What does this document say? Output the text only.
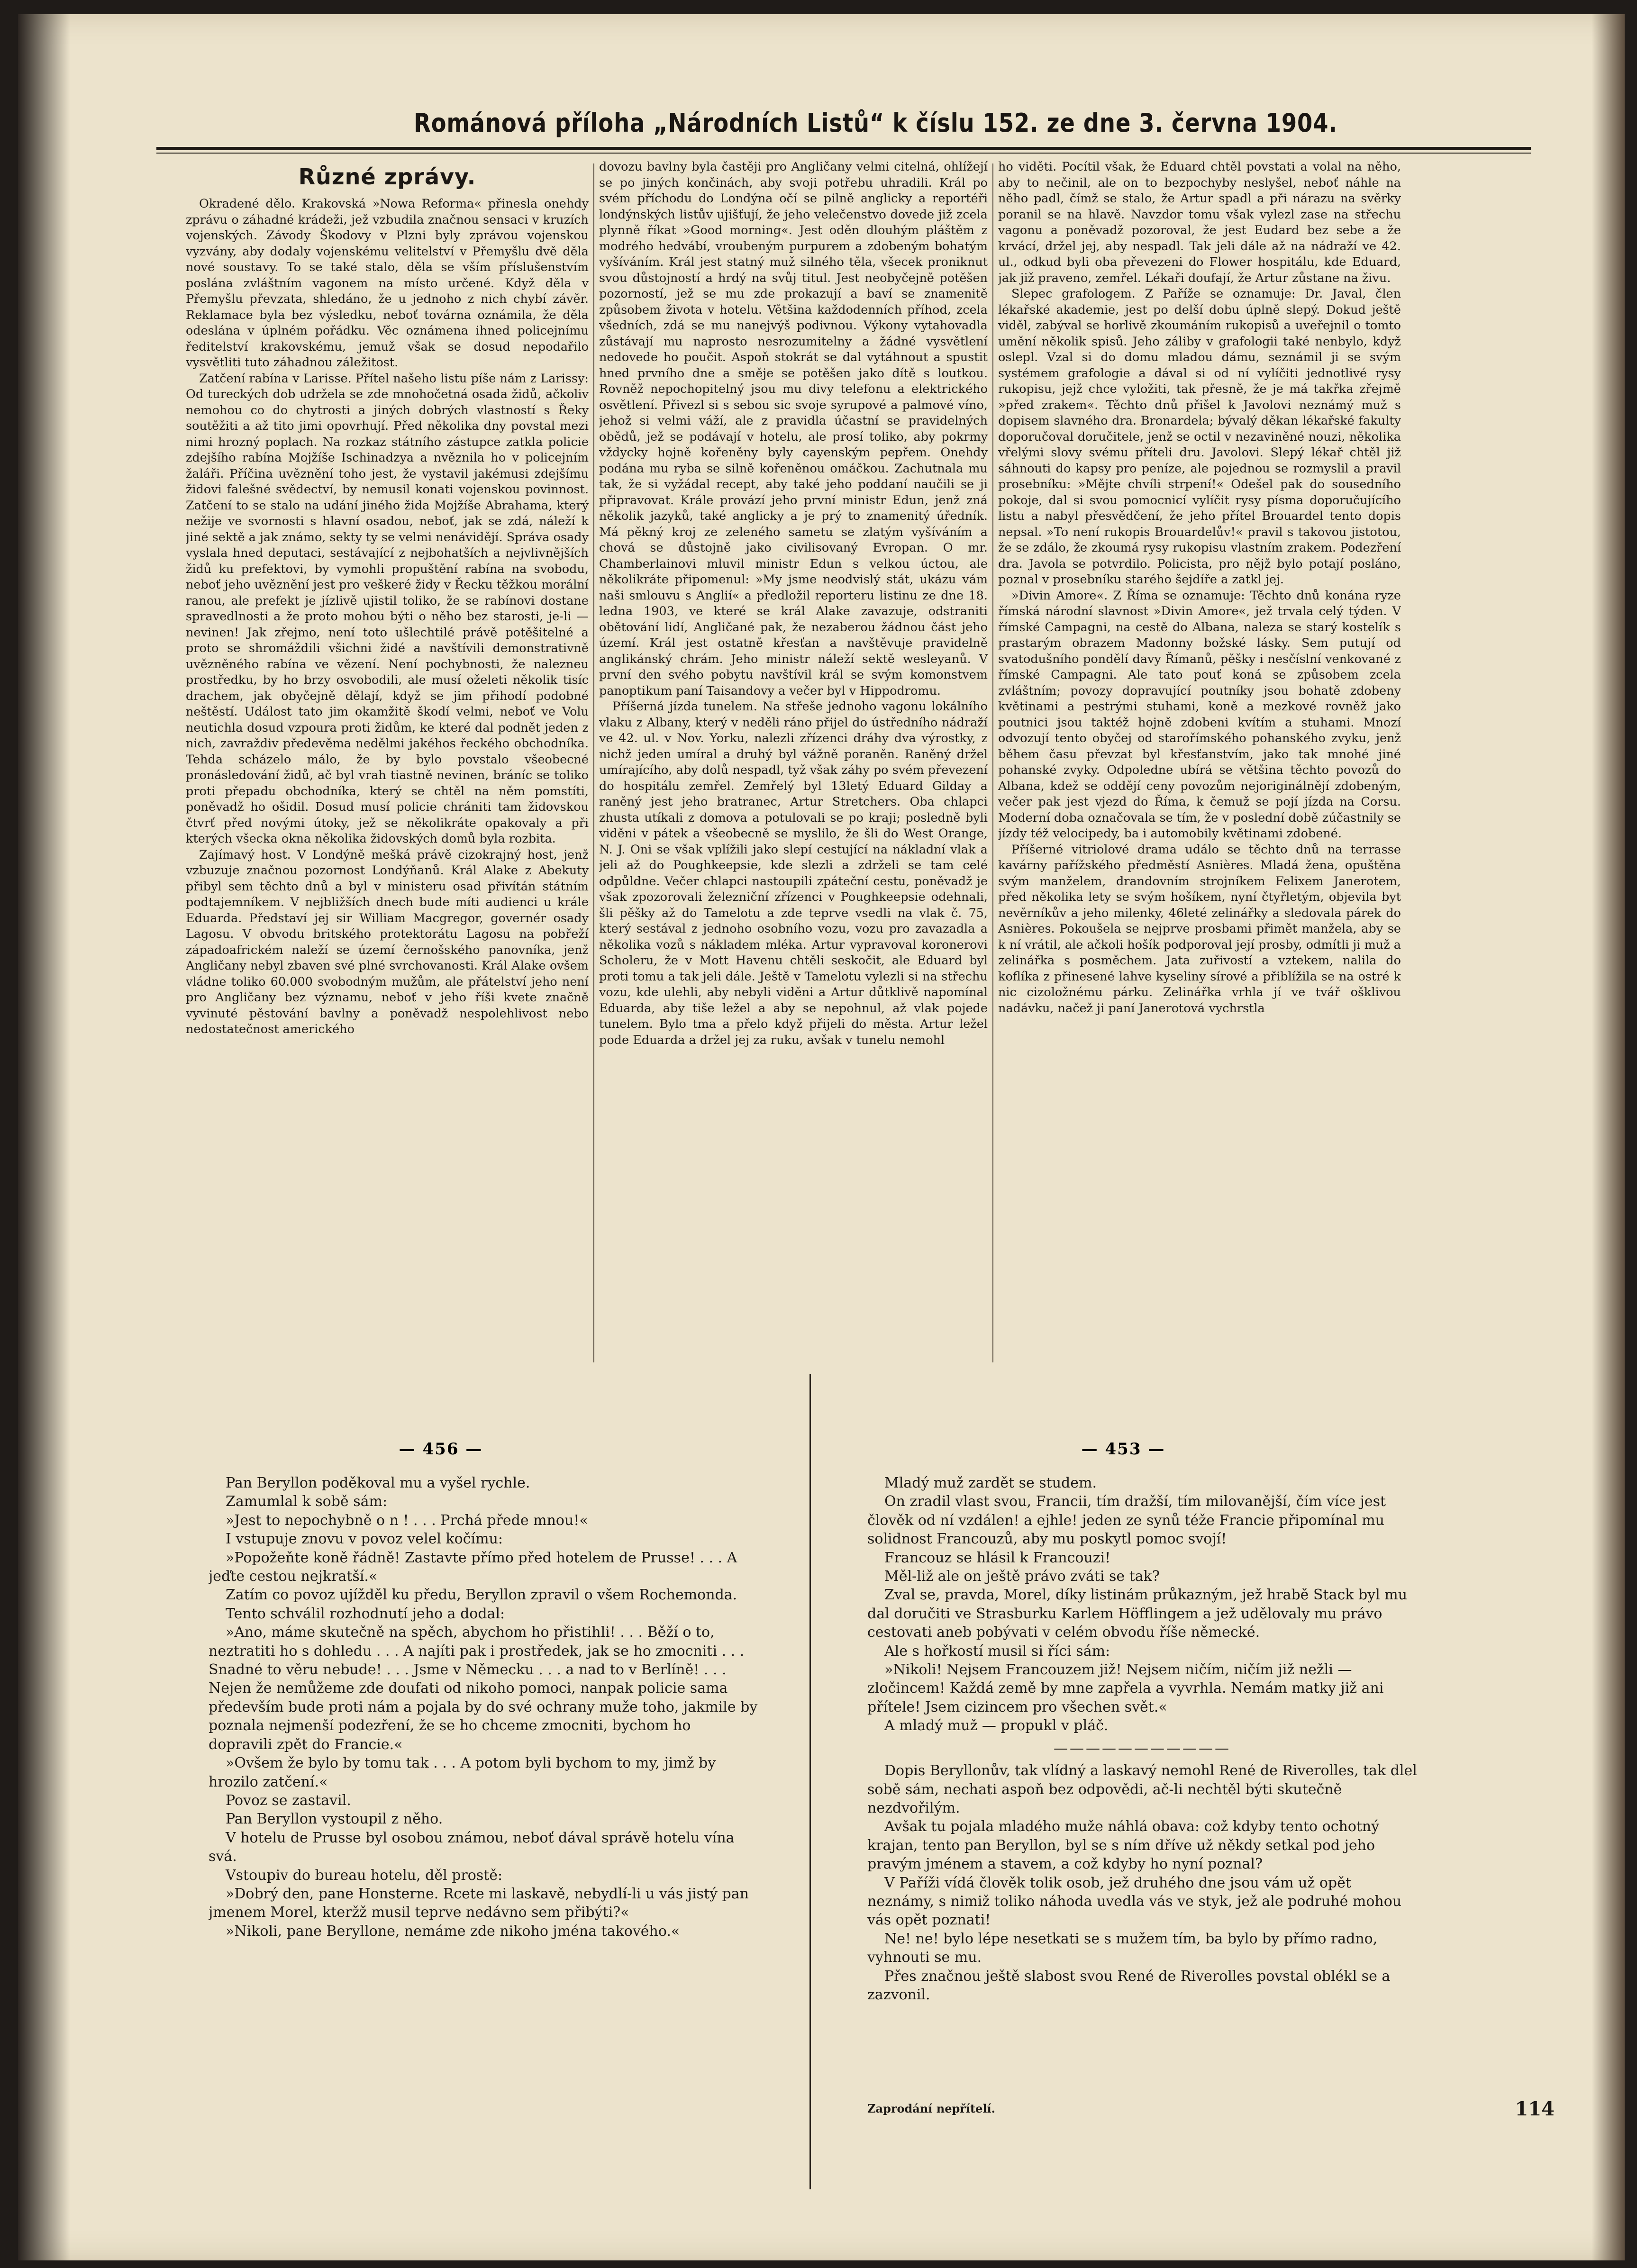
Románová příloha „Národních Listů“ k číslu 152. ze dne 3. června 1904.
Různé zprávy.

Okradené dělo. Krakovská »Nowa Reforma« přinesla onehdy zprávu o záhadné krádeži, jež vzbudila značnou sensaci v kruzích vojenských. Závody Škodovy v Plzni byly zprávou vojenskou vyzvány, aby dodaly vojenskému velitelství v Přemyšlu dvě děla nové soustavy. To se také stalo, děla se vším příslušenstvím poslána zvláštním vagonem na místo určené. Když děla v Přemyšlu převzata, shledáno, že u jednoho z nich chybí závěr. Reklamace byla bez výsledku, neboť továrna oznámila, že děla odeslána v úplném pořádku. Věc oznámena ihned policejnímu ředitelství krakovskému, jemuž však se dosud nepodařilo vysvětliti tuto záhadnou záležitost.

Zatčení rabína v Larisse. Přítel našeho listu píše nám z Larissy: Od tureckých dob udržela se zde mnohočetná osada židů, ačkoliv nemohou co do chytrosti a jiných dobrých vlastností s Řeky soutěžiti a až tito jimi opovrhují. Před několika dny povstal mezi nimi hrozný poplach. Na rozkaz státního zástupce zatkla policie zdejšího rabína Mojžíše Ischinadzya a nvěznila ho v policejním žaláři. Příčina uvěznění toho jest, že vystavil jakémusi zdejšímu židovi falešné svědectví, by nemusil konati vojenskou povinnost. Zatčení to se stalo na udání jiného žida Mojžíše Abrahama, který nežije ve svornosti s hlavní osadou, neboť, jak se zdá, náleží k jiné sektě a jak známo, sekty ty se velmi nenávidějí. Správa osady vyslala hned deputaci, sestávající z nejbohatších a nejvlivnějších židů ku prefektovi, by vymohli propuštění rabína na svobodu, neboť jeho uvěznění jest pro veškeré židy v Řecku těžkou morální ranou, ale prefekt je jízlivě ujistil toliko, že se rabínovi dostane spravedlnosti a že proto mohou býti o něho bez starosti, je-li — nevinen! Jak zřejmo, není toto ušlechtilé právě potěšitelné a proto se shromáždili všichni židé a navštívili demonstrativně uvězněného rabína ve vězení. Není pochybnosti, že nalezneu prostředku, by ho brzy osvobodili, ale musí oželeti několik tisíc drachem, jak obyčejně dělají, když se jim přihodí podobné neštěstí. Událost tato jim okamžitě škodí velmi, neboť ve Volu neutichla dosud vzpoura proti židům, ke které dal podnět jeden z nich, zavraždiv předevěma nedělmi jakéhos řeckého obchodníka. Tehda scházelo málo, že by bylo povstalo všeobecné pronásledování židů, ač byl vrah tiastně nevinen, bráníc se toliko proti přepadu obchodníka, který se chtěl na něm pomstíti, poněvadž ho ošidil. Dosud musí policie chrániti tam židovskou čtvrť před novými útoky, jež se několikráte opakovaly a při kterých všecka okna několika židovských domů byla rozbita.

Zajímavý host. V Londýně mešká právě cizokrajný host, jenž vzbuzuje značnou pozornost Londýňanů. Král Alake z Abekuty přibyl sem těchto dnů a byl v ministeru osad přivítán státním podtajemníkem. V nejbližších dnech bude míti audienci u krále Eduarda. Představí jej sir William Macgregor, governér osady Lagosu. V obvodu britského protektorátu Lagosu na pobřeží západoafrickém naleží se území černošského panovníka, jenž Angličany nebyl zbaven své plné svrchovanosti. Král Alake ovšem vládne toliko 60.000 svobodným mužům, ale přátelství jeho není pro Angličany bez významu, neboť v jeho říši kvete značně vyvinuté pěstování bavlny a poněvadž nespolehlivost nebo nedostatečnost amerického

dovozu bavlny byla častěji pro Angličany velmi citelná, ohlížejí se po jiných končinách, aby svoji potřebu uhradili. Král po svém příchodu do Londýna očí se pilně anglicky a reportéři londýnských listův ujišťují, že jeho velečenstvo dovede již zcela plynně říkat »Good morning«. Jest oděn dlouhým pláštěm z modrého hedvábí, vroubeným purpurem a zdobeným bohatým vyšíváním. Král jest statný muž silného těla, všecek proniknut svou důstojností a hrdý na svůj titul. Jest neobyčejně potěšen pozorností, jež se mu zde prokazují a baví se znamenitě způsobem života v hotelu. Většina každodenních příhod, zcela všedních, zdá se mu nanejvýš podivnou. Výkony vytahovadla zůstávají mu naprosto nesrozumitelny a žádné vysvětlení nedovede ho poučit. Aspoň stokrát se dal vytáhnout a spustit hned prvního dne a směje se potěšen jako dítě s loutkou. Rovněž nepochopitelný jsou mu divy telefonu a elektrického osvětlení. Přivezl si s sebou sic svoje syrupové a palmové víno, jehož si velmi váží, ale z pravidla účastní se pravidelných obědů, jež se podávají v hotelu, ale prosí toliko, aby pokrmy vždycky hojně kořeněny byly cayenským pepřem. Onehdy podána mu ryba se silně kořeněnou omáčkou. Zachutnala mu tak, že si vyžádal recept, aby také jeho poddaní naučili se ji připravovat. Krále provází jeho první ministr Edun, jenž zná několik jazyků, také anglicky a je prý to znamenitý úředník. Má pěkný kroj ze zeleného sametu se zlatým vyšíváním a chová se důstojně jako civilisovaný Evropan. O mr. Chamberlainovi mluvil ministr Edun s velkou úctou, ale několikráte připomenul: »My jsme neodvislý stát, ukázu vám naši smlouvu s Anglií« a předložil reporteru listinu ze dne 18. ledna 1903, ve které se král Alake zavazuje, odstraniti obětování lidí, Angličané pak, že nezaberou žádnou část jeho území. Král jest ostatně křesťan a navštěvuje pravidelně anglikánský chrám. Jeho ministr náleží sektě wesleyanů. V první den svého pobytu navštívil král se svým komonstvem panoptikum paní Taisandovy a večer byl v Hippodromu.

Příšerná jízda tunelem. Na střeše jednoho vagonu lokálního vlaku z Albany, který v neděli ráno přijel do ústředního nádraží ve 42. ul. v Nov. Yorku, nalezli zřízenci dráhy dva výrostky, z nichž jeden umíral a druhý byl vážně poraněn. Raněný držel umírajícího, aby dolů nespadl, tyž však záhy po svém převezení do hospitálu zemřel. Zemřelý byl 13letý Eduard Gilday a raněný jest jeho bratranec, Artur Stretchers. Oba chlapci zhusta utíkali z domova a potulovali se po kraji; posledně byli viděni v pátek a všeobecně se myslilo, že šli do West Orange, N. J. Oni se však vplížili jako slepí cestující na nákladní vlak a jeli až do Poughkeepsie, kde slezli a zdrželi se tam celé odpůldne. Večer chlapci nastoupili zpáteční cestu, poněvadž je však zpozorovali železniční zřízenci v Poughkeepsie odehnali, šli pěšky až do Tamelotu a zde teprve vsedli na vlak č. 75, který sestával z jednoho osobního vozu, vozu pro zavazadla a několika vozů s nákladem mléka. Artur vypravoval koronerovi Scholeru, že v Mott Havenu chtěli seskočit, ale Eduard byl proti tomu a tak jeli dále. Ještě v Tamelotu vylezli si na střechu vozu, kde ulehli, aby nebyli viděni a Artur důtklivě napomínal Eduarda, aby tiše ležel a aby se nepohnul, až vlak pojede tunelem. Bylo tma a přelo když přijeli do města. Artur ležel pode Eduarda a držel jej za ruku, avšak v tunelu nemohl

ho viděti. Pocítil však, že Eduard chtěl povstati a volal na něho, aby to nečinil, ale on to bezpochyby neslyšel, neboť náhle na něho padl, čímž se stalo, že Artur spadl a při nárazu na svěrky poranil se na hlavě. Navzdor tomu však vylezl zase na střechu vagonu a poněvadž pozoroval, že jest Eudard bez sebe a že krvácí, držel jej, aby nespadl. Tak jeli dále až na nádraží ve 42. ul., odkud byli oba převezeni do Flower hospitálu, kde Eduard, jak již praveno, zemřel. Lékaři doufají, že Artur zůstane na živu.

Slepec grafologem. Z Paříže se oznamuje: Dr. Javal, člen lékařské akademie, jest po delší dobu úplně slepý. Dokud ještě viděl, zabýval se horlivě zkoumáním rukopisů a uveřejnil o tomto umění několik spisů. Jeho záliby v grafologii také nenbylo, když oslepl. Vzal si do domu mladou dámu, seznámil ji se svým systémem grafologie a dával si od ní vylíčiti jednotlivé rysy rukopisu, jejž chce vyložiti, tak přesně, že je má takřka zřejmě »před zrakem«. Těchto dnů přišel k Javolovi neznámý muž s dopisem slavného dra. Bronardela; bývalý děkan lékařské fakulty doporučoval doručitele, jenž se octil v nezaviněné nouzi, několika vřelými slovy svému příteli dru. Javolovi. Slepý lékař chtěl již sáhnouti do kapsy pro peníze, ale pojednou se rozmyslil a pravil prosebníku: »Mějte chvíli strpení!« Odešel pak do sousedního pokoje, dal si svou pomocnicí vylíčit rysy písma doporučujícího listu a nabyl přesvědčení, že jeho přítel Brouardel tento dopis nepsal. »To není rukopis Brouardelův!« pravil s takovou jistotou, že se zdálo, že zkoumá rysy rukopisu vlastním zrakem. Podezření dra. Javola se potvrdilo. Policista, pro nějž bylo potají posláno, poznal v prosebníku starého šejdíře a zatkl jej.

»Divin Amore«. Z Říma se oznamuje: Těchto dnů konána ryze římská národní slavnost »Divin Amore«, jež trvala celý týden. V římské Campagni, na cestě do Albana, naleza se starý kostelík s prastarým obrazem Madonny božské lásky. Sem putují od svatodušního pondělí davy Římanů, pěšky i nesčíslní venkované z římské Campagni. Ale tato pouť koná se způsobem zcela zvláštním; povozy dopravující poutníky jsou bohatě zdobeny květinami a pestrými stuhami, koně a mezkové rovněž jako poutnici jsou taktéž hojně zdobeni kvítím a stuhami. Mnozí odvozují tento obyčej od starořímského pohanského zvyku, jenž během času převzat byl křesťanstvím, jako tak mnohé jiné pohanské zvyky. Odpoledne ubírá se většina těchto povozů do Albana, kdež se oddějí ceny povozům nejoriginálnějí zdobeným, večer pak jest vjezd do Říma, k čemuž se pojí jízda na Corsu. Moderní doba označovala se tím, že v poslední době zúčastnily se jízdy též velocipedy, ba i automobily květinami zdobené.

Příšerné vitriolové drama událo se těchto dnů na terrasse kavárny pařížského předměstí Asnières. Mladá žena, opuštěna svým manželem, drandovním strojníkem Felixem Janerotem, před několika lety se svým hošíkem, nyní čtyřletým, objevila byt nevěrníkův a jeho milenky, 46leté zelinářky a sledovala párek do Asnières. Pokoušela se nejprve prosbami přimět manžela, aby se k ní vrátil, ale ačkoli hošík podporoval její prosby, odmítli ji muž a zelinářka s posměchem. Jata zuřivostí a vztekem, nalila do koflíka z přinesené lahve kyseliny sírové a přiblížila se na ostré k nic cizoložnému párku. Zelinářka vrhla jí ve tvář ošklivou nadávku, načež ji paní Janerotová vychrstla

— 456 —	— 453 —

Pan Beryllon poděkoval mu a vyšel rychle.

Zamumlal k sobě sám:

»Jest to nepochybně o n ! . . . Prchá předе mnou!«

I vstupuje znovu v povoz velel kočímu:

»Popožeňte koně řádně! Zastavte přímo před hotelem de Prusse! . . . A jeďte cestou nejkratší.«

Zatím co povoz ujížděl ku předu, Beryllon zpravil o všem Rochemonda.

Tento schválil rozhodnutí jeho a dodal:

»Ano, máme skutečně na spěch, abychom ho přistihli! . . . Běží o to, neztratiti ho s dohledu . . . A najíti pak i prostředek, jak se ho zmocniti . . . Snadné to věru nebude! . . . Jsme v Německu . . . a nad to v Berlíně! . . . Nejen že nemůžeme zde doufati od nikoho pomoci, nanpak policie sama především bude proti nám a pojala by do své ochrany muže toho, jakmile by poznala nejmenší podezření, že se ho chceme zmocniti, bychom ho dopravili zpět do Francie.«

»Ovšem že bylo by tomu tak . . . A potom byli bychom to my, jimž by hrozilo zatčení.«

Povoz se zastavil.

Pan Beryllon vystoupil z něho.

V hotelu de Prusse byl osobou známou, neboť dával správě hotelu vína svá.

Vstoupiv do bureau hotelu, děl prostě:

»Dobrý den, pane Honsterne. Rcete mi laskavě, nebydlí-li u vás jistý pan jmenem Morel, kteržž musil teprve nedávno sem přibýti?«

»Nikoli, pane Beryllone, nemáme zde nikoho jména takového.«

Mladý muž zardět se studem.

On zradil vlast svou, Francii, tím dražší, tím milovanější, čím více jest člověk od ní vzdálen! a ejhle! jeden ze synů téže Francie připomínal mu solidnost Francouzů, aby mu poskytl pomoc svojí!

Francouz se hlásil k Francouzi!

Měl-liž ale on ještě právo zváti se tak?

Zval se, pravda, Morel, díky listinám průkazným, jež hrabě Stack byl mu dal doručiti ve Strasburku Karlem Höfflingem a jež udělovaly mu právo cestovati aneb pobývati v celém obvodu říše německé.

Ale s hořkostí musil si říci sám:

»Nikoli! Nejsem Francouzem již! Nejsem ničím, ničím již nežli — zločincem! Každá země by mne zapřela a vyvrhla. Nemám matky již ani přítele! Jsem cizincem pro všechen svět.«

A mladý muž — propukl v pláč.

———————————

Dopis Beryllonův, tak vlídný a laskavý nemohl René de Riverolles, tak dlel sobě sám, nechati aspoň bez odpovědi, ač-li nechtěl býti skutečně nezdvořilým.

Avšak tu pojala mladého muže náhlá obava: což kdyby tento ochotný krajan, tento pan Beryllon, byl se s ním dříve už někdy setkal pod jeho pravým jménem a stavem, a což kdyby ho nyní poznal?

V Paříži vídá člověk tolik osob, jež druhého dne jsou vám už opět neznámy, s nimiž toliko náhoda uvedla vás ve styk, jež ale podruhé mohou vás opět poznati!

Ne! ne! bylo lépe nesetkati se s mužem tím, ba bylo by přímo radno, vyhnouti se mu.

Přes značnou ještě slabost svou René de Riverolles povstal oblékl se a zazvonil.

Zaprodání nepřítelí.	114
